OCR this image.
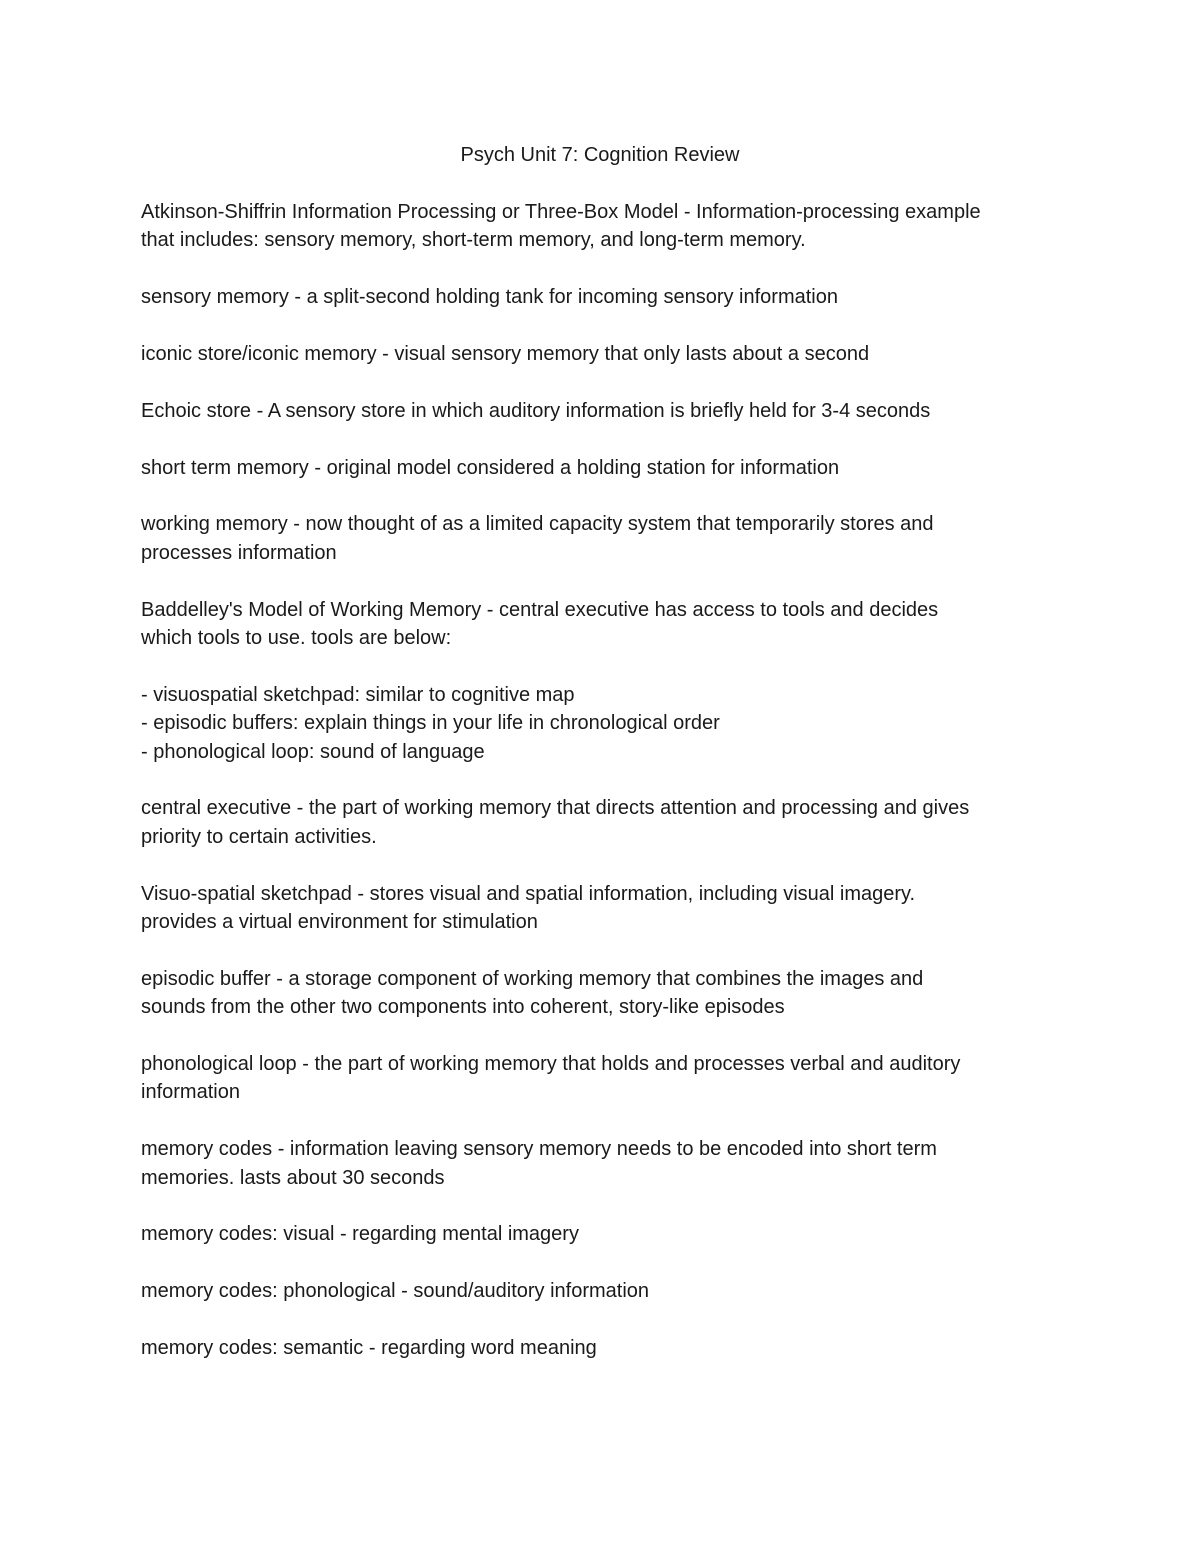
Psych Unit 7: Cognition Review

Atkinson-Shiffrin Information Processing or Three-Box Model - Information-processing example
that includes: sensory memory, short-term memory, and long-term memory.

sensory memory - a split-second holding tank for incoming sensory information

iconic store/iconic memory - visual sensory memory that only lasts about a second

Echoic store - A sensory store in which auditory information is briefly held for 3-4 seconds

short term memory - original model considered a holding station for information

working memory - now thought of as a limited capacity system that temporarily stores and
processes information

Baddelley's Model of Working Memory - central executive has access to tools and decides
which tools to use. tools are below:

- visuospatial sketchpad: similar to cognitive map
- episodic buffers: explain things in your life in chronological order
- phonological loop: sound of language

central executive - the part of working memory that directs attention and processing and gives
priority to certain activities.

Visuo-spatial sketchpad - stores visual and spatial information, including visual imagery.
provides a virtual environment for stimulation

episodic buffer - a storage component of working memory that combines the images and
sounds from the other two components into coherent, story-like episodes

phonological loop - the part of working memory that holds and processes verbal and auditory
information

memory codes - information leaving sensory memory needs to be encoded into short term
memories. lasts about 30 seconds

memory codes: visual - regarding mental imagery

memory codes: phonological - sound/auditory information

memory codes: semantic - regarding word meaning
